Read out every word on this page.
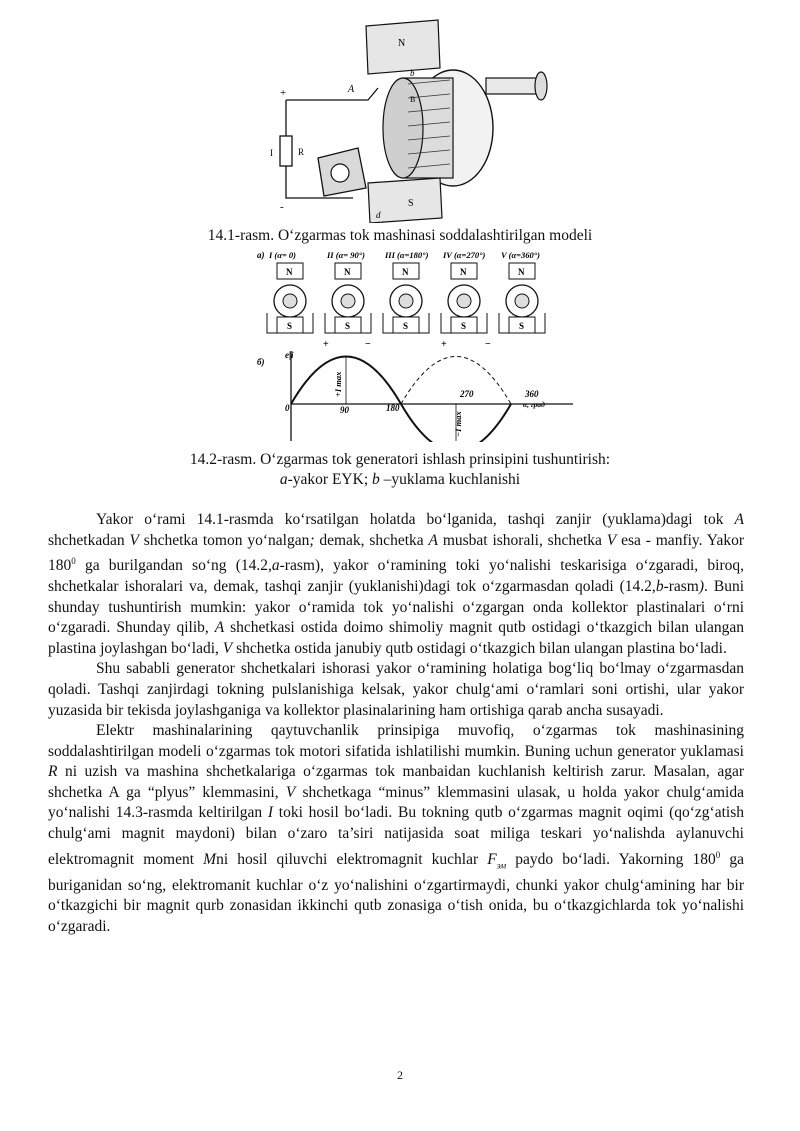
R
I
+
-
N
S
A
b
B
d
14.1-rasm. O‘zgarmas tok mashinasi soddalashtirilgan modeli
a) I (α= 0)	II (α= 90°) III (α=180°) IV (α=270°) V (α=360°)
N
S
N
S
N
S
N
S
N
S
+	−	+	−
б)
e|i
0	90	180
270	360
α, град
+I max
−I max
14.2-rasm. O‘zgarmas tok generatori ishlash prinsipini tushuntirish:
a-yakor EYK; b –yuklama kuchlanishi

Yakor o‘rami 14.1-rasmda ko‘rsatilgan holatda bo‘lganida, tashqi zanjir (yuklama)dagi tok A shchetkadan V shchetka tomon yo‘nalgan; demak, shchetka A musbat ishorali, shchetka V esa - manfiy. Yakor $180^0$ ga burilgandan so‘ng (14.2,a-rasm), yakor o‘ramining toki yo‘nalishi teskarisiga o‘zgaradi, biroq, shchetkalar ishoralari va, demak, tashqi zanjir (yuklanishi)dagi tok o‘zgarmasdan qoladi (14.2,b-rasm). Buni shunday tushuntirish mumkin: yakor o‘ramida tok yo‘nalishi o‘zgargan onda kollektor plastinalari o‘rni o‘zgaradi. Shunday qilib, A shchetkasi ostida doimo shimoliy magnit qutb ostidagi o‘tkazgich bilan ulangan plastina joylashgan bo‘ladi, V shchetka ostida janubiy qutb ostidagi o‘tkazgich bilan ulangan plastina bo‘ladi.

Shu sababli generator shchetkalari ishorasi yakor o‘ramining holatiga bog‘liq bo‘lmay o‘zgarmasdan qoladi. Tashqi zanjirdagi tokning pulslanishiga kelsak, yakor chulg‘ami o‘ramlari soni ortishi, ular yakor yuzasida bir tekisda joylashganiga va kollektor plasinalarining ham ortishiga qarab ancha susayadi.

Elektr mashinalarining qaytuvchanlik prinsipiga muvofiq, o‘zgarmas tok mashinasining soddalashtirilgan modeli o‘zgarmas tok motori sifatida ishlatilishi mumkin. Buning uchun generator yuklamasi R ni uzish va mashina shchetkalariga o‘zgarmas tok manbaidan kuchlanish keltirish zarur. Masalan, agar shchetka A ga “plyus” klemmasini, V shchetkaga “minus” klemmasini ulasak, u holda yakor chulg‘amida yo‘nalishi 14.3-rasmda keltirilgan I toki hosil bo‘ladi. Bu tokning qutb o‘zgarmas magnit oqimi (qo‘zg‘atish chulg‘ami magnit maydoni) bilan o‘zaro ta’siri natijasida soat miliga teskari yo‘nalishda aylanuvchi elektromagnit moment Mni hosil qiluvchi elektromagnit kuchlar $F_{эм}$ paydo bo‘ladi. Yakorning $180^0$ ga buriganidan so‘ng, elektromanit kuchlar o‘z yo‘nalishini o‘zgartirmaydi, chunki yakor chulg‘amining har bir o‘tkazgichi bir magnit qurb zonasidan ikkinchi qutb zonasiga o‘tish onida, bu o‘tkazgichlarda tok yo‘nalishi o‘zgaradi.

2
